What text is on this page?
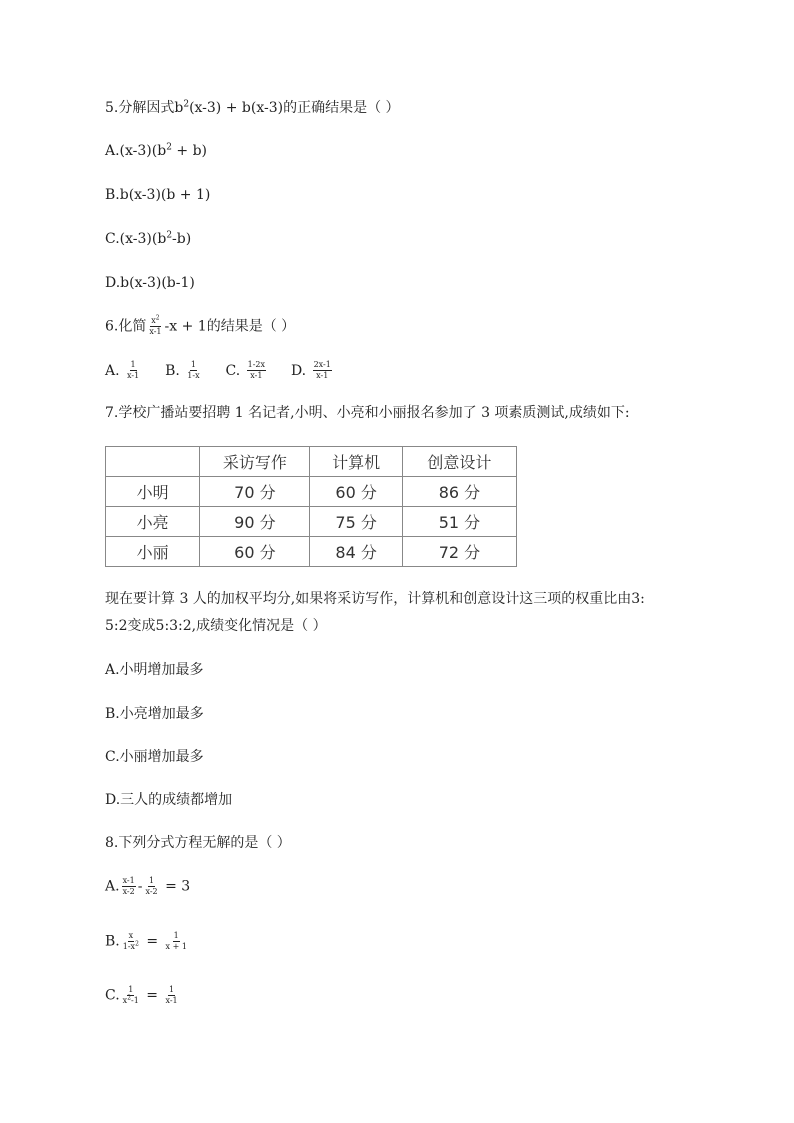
5.分解因式$b^2(x-3) + b(x-3)$的正确结果是（ ）
$A.(x-3)(b^2 + b)$
B.b(x-3)(b + 1)
$C.(x-3)(b^2-b)$
D.b(x-3)(b-1)
6.化简 $\frac{x^2}{x-1} -x + 1$的结果是（ ）
A. $\frac{1}{x-1} B$. $\frac{1}{1-x} C$. $\frac{1-2x}{x-1} D$. $\frac{2x-1}{x-1}$
7.学校广播站要招聘 1 名记者,小明、小亮和小丽报名参加了 3 项素质测试,成绩如下:
	采访写作	计算机	创意设计
小明	70 分	60 分	86 分
小亮	90 分	75 分	51 分
小丽	60 分	84 分	72 分
现在要计算 3 人的加权平均分,如果将采访写作，计算机和创意设计这三项的权重比由3:
5:2变成5:3:2,成绩变化情况是（ ）
A.小明增加最多
B.小亮增加最多
C.小丽增加最多
D.三人的成绩都增加
8.下列分式方程无解的是（ ）
A. $\frac{x-1}{x-2} - \frac{1}{x-2} = 3$
B. $\frac{x}{1-x^2} = \frac{1}{x + 1}$
C. $\frac{1}{x^2-1} = \frac{1}{x-1}$
